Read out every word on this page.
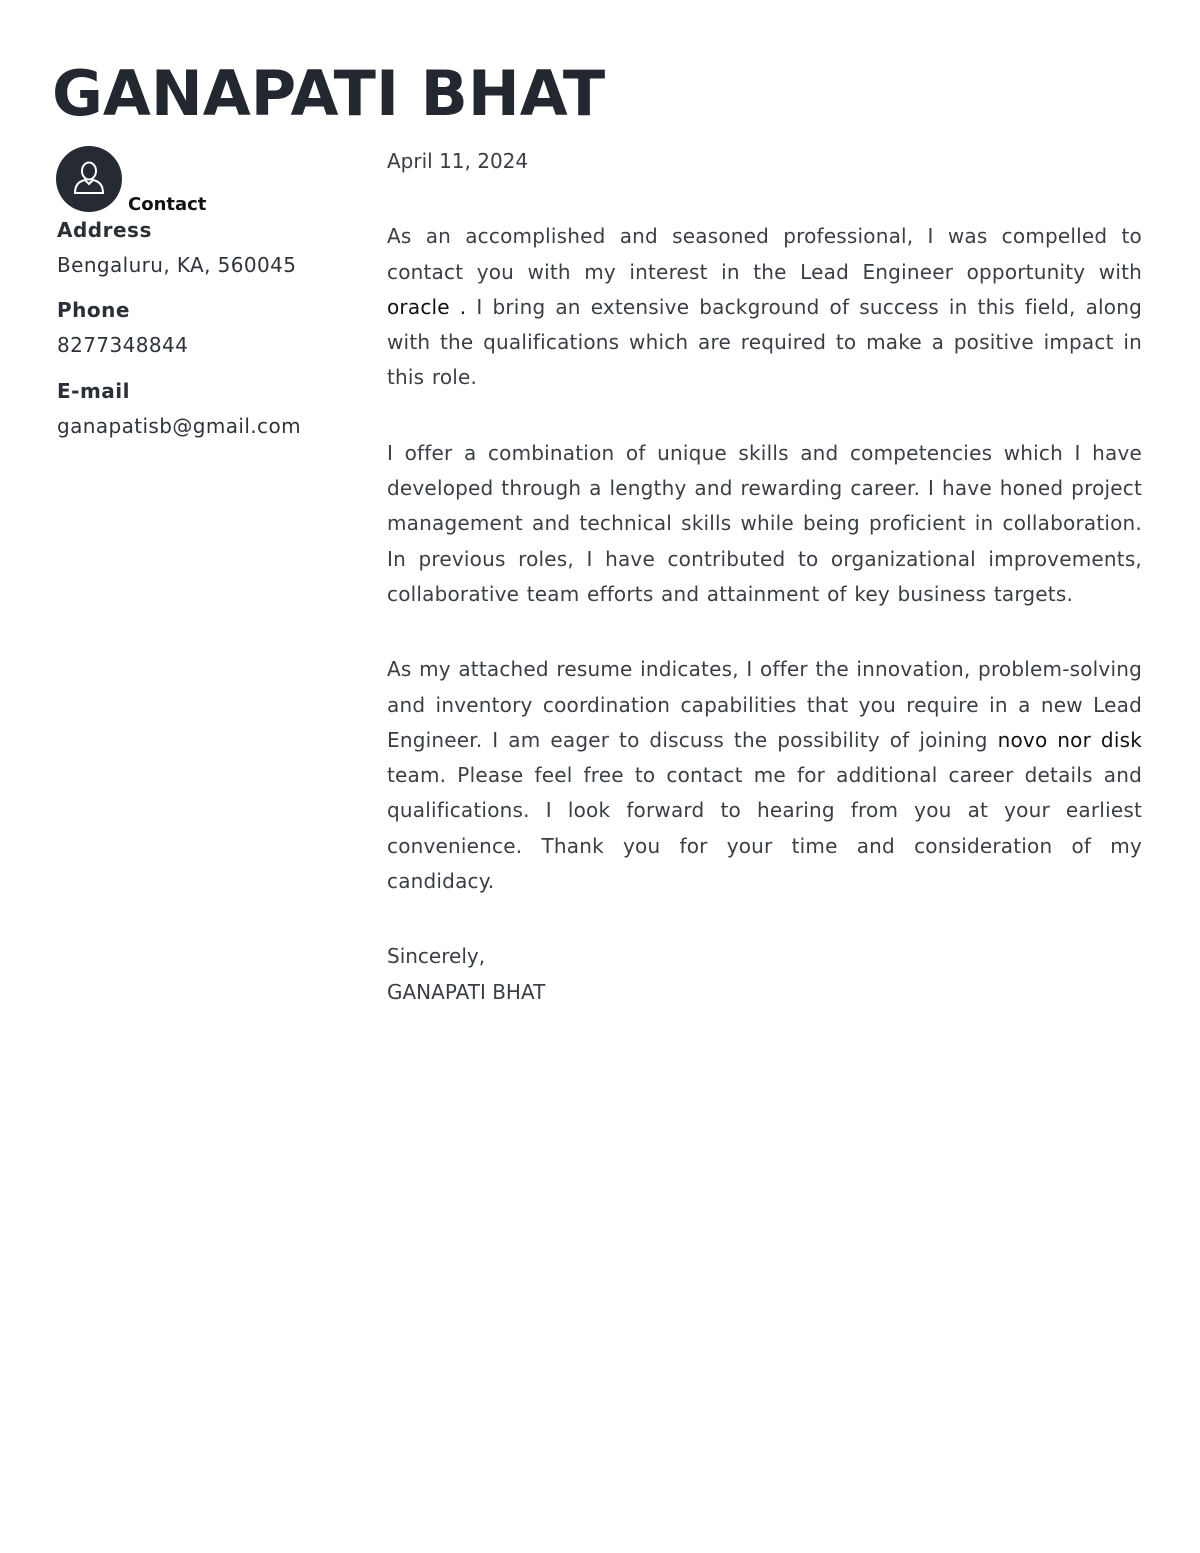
GANAPATI BHAT
Contact
Address
Bengaluru, KA, 560045
Phone
8277348844
E-mail
ganapatisb@gmail.com

April 11, 2024

As an accomplished and seasoned professional, I was compelled to contact you with my interest in the Lead Engineer opportunity with oracle . I bring an extensive background of success in this field, along with the qualifications which are required to make a positive impact in this role.

I offer a combination of unique skills and competencies which I have developed through a lengthy and rewarding career. I have honed project management and technical skills while being proficient in collaboration. In previous roles, I have contributed to organizational improvements, collaborative team efforts and attainment of key business targets.

As my attached resume indicates, I offer the innovation, problem-solving and inventory coordination capabilities that you require in a new Lead Engineer. I am eager to discuss the possibility of joining novo nor disk team. Please feel free to contact me for additional career details and qualifications. I look forward to hearing from you at your earliest convenience. Thank you for your time and consideration of my candidacy.

Sincerely,

GANAPATI BHAT
